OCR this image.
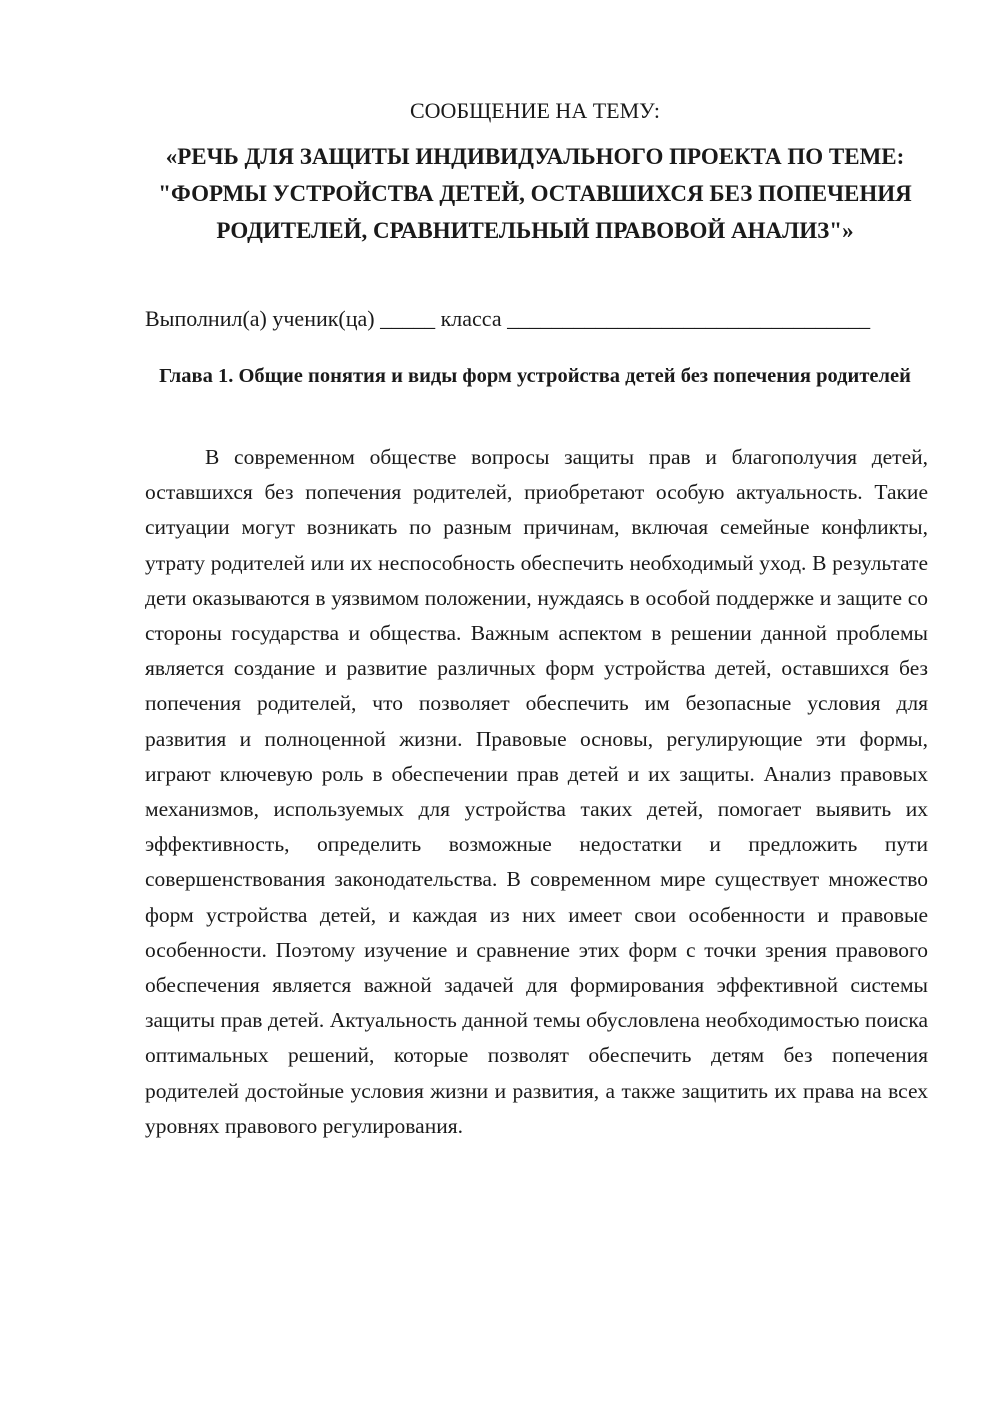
СООБЩЕНИЕ НА ТЕМУ:
«РЕЧЬ ДЛЯ ЗАЩИТЫ ИНДИВИДУАЛЬНОГО ПРОЕКТА ПО ТЕМЕ: "ФОРМЫ УСТРОЙСТВА ДЕТЕЙ, ОСТАВШИХСЯ БЕЗ ПОПЕЧЕНИЯ РОДИТЕЛЕЙ, СРАВНИТЕЛЬНЫЙ ПРАВОВОЙ АНАЛИЗ"»
Выполнил(а) ученик(ца) _____ класса _________________________________
Глава 1. Общие понятия и виды форм устройства детей без попечения родителей

В современном обществе вопросы защиты прав и благополучия детей, оставшихся без попечения родителей, приобретают особую актуальность. Такие ситуации могут возникать по разным причинам, включая семейные конфликты, утрату родителей или их неспособность обеспечить необходимый уход. В результате дети оказываются в уязвимом положении, нуждаясь в особой поддержке и защите со стороны государства и общества. Важным аспектом в решении данной проблемы является создание и развитие различных форм устройства детей, оставшихся без попечения родителей, что позволяет обеспечить им безопасные условия для развития и полноценной жизни. Правовые основы, регулирующие эти формы, играют ключевую роль в обеспечении прав детей и их защиты. Анализ правовых механизмов, используемых для устройства таких детей, помогает выявить их эффективность, определить возможные недостатки и предложить пути совершенствования законодательства. В современном мире существует множество форм устройства детей, и каждая из них имеет свои особенности и правовые особенности. Поэтому изучение и сравнение этих форм с точки зрения правового обеспечения является важной задачей для формирования эффективной системы защиты прав детей. Актуальность данной темы обусловлена необходимостью поиска оптимальных решений, которые позволят обеспечить детям без попечения родителей достойные условия жизни и развития, а также защитить их права на всех уровнях правового регулирования.
